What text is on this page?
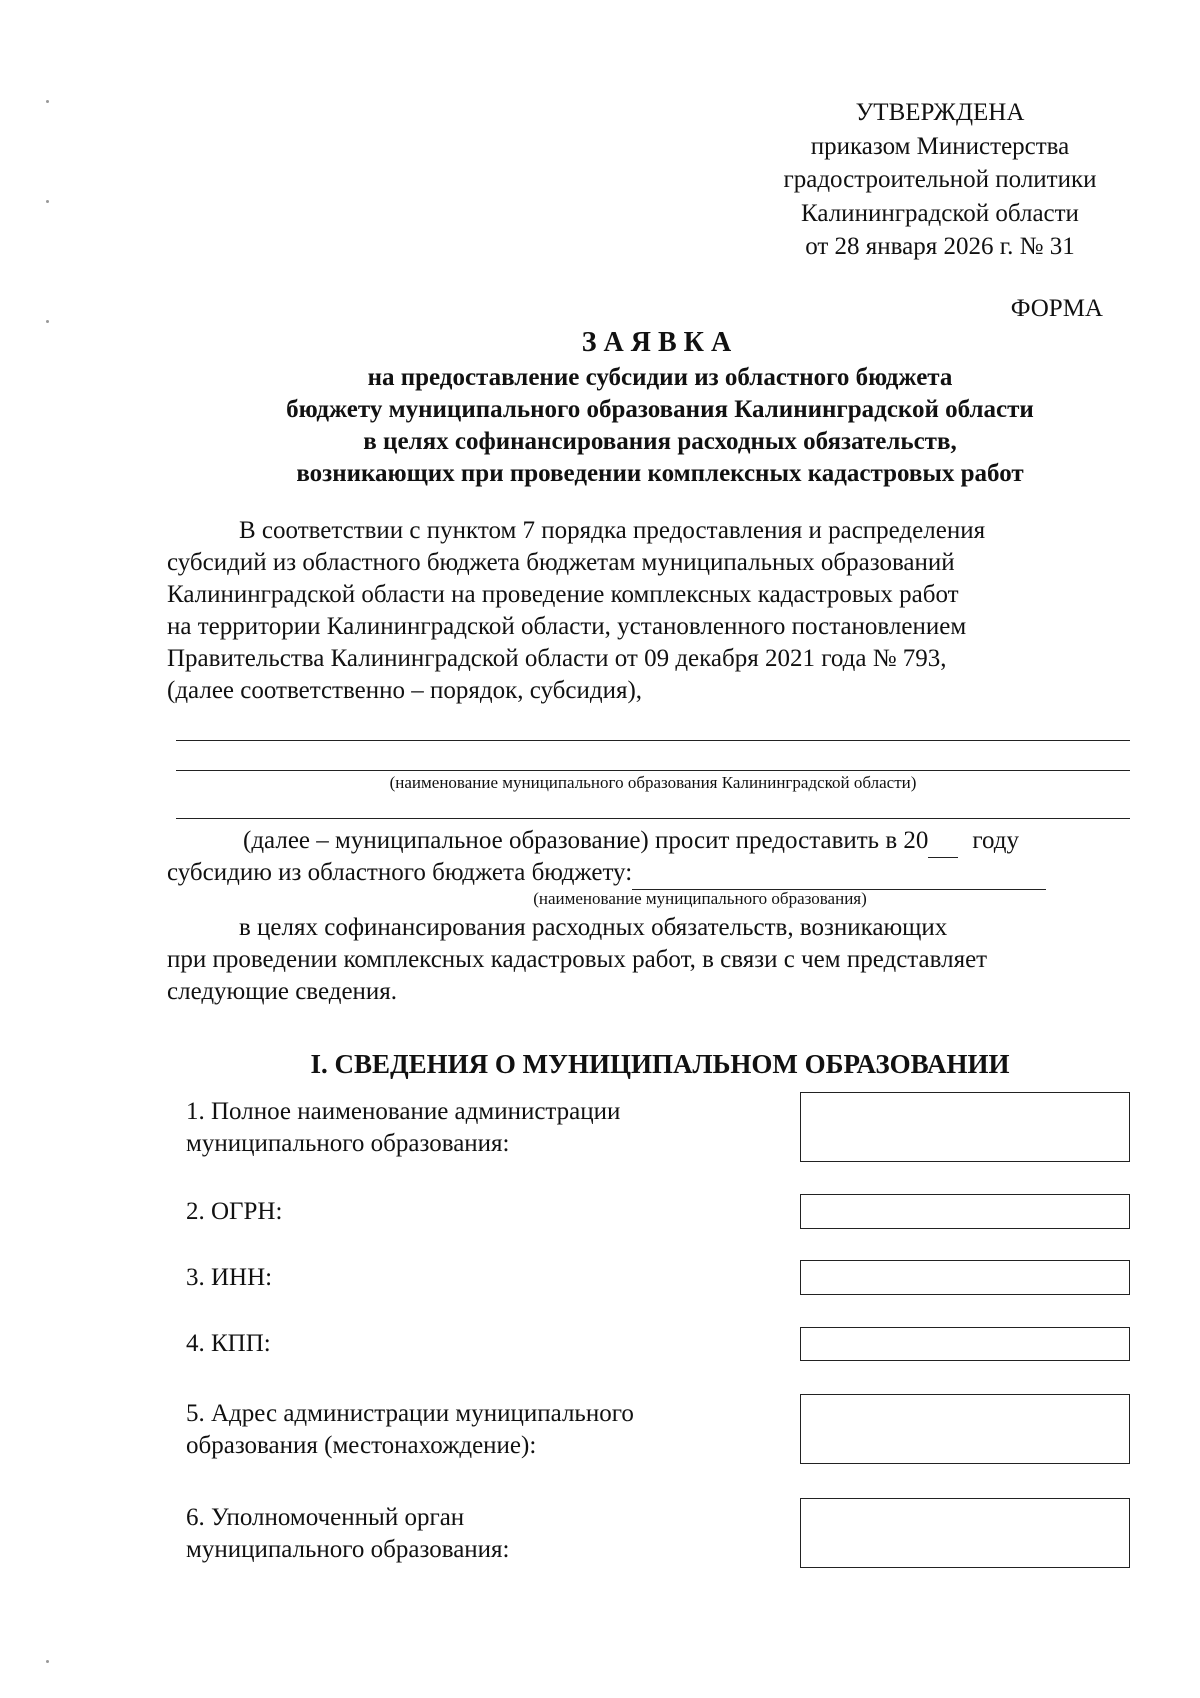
УТВЕРЖДЕНА
приказом Министерства
градостроительной политики
Калининградской области
от 28 января 2026 г. № 31
ФОРМА
ЗАЯВКА
на предоставление субсидии из областного бюджета
бюджету муниципального образования Калининградской области
в целях софинансирования расходных обязательств,
возникающих при проведении комплексных кадастровых работ
В соответствии с пунктом 7 порядка предоставления и распределения
субсидий из областного бюджета бюджетам муниципальных образований
Калининградской области на проведение комплексных кадастровых работ
на территории Калининградской области, установленного постановлением
Правительства Калининградской области от 09 декабря 2021 года № 793,
(далее соответственно – порядок, субсидия),
(наименование муниципального образования Калининградской области)
(далее – муниципальное образование) просит предоставить в 20 году
субсидию из областного бюджета бюджету:
(наименование муниципального образования)
в целях софинансирования расходных обязательств, возникающих
при проведении комплексных кадастровых работ, в связи с чем представляет
следующие сведения.
I. СВЕДЕНИЯ О МУНИЦИПАЛЬНОМ ОБРАЗОВАНИИ
1. Полное наименование администрации
муниципального образования:
2. ОГРН:
3. ИНН:
4. КПП:
5. Адрес администрации муниципального
образования (местонахождение):
6. Уполномоченный орган
муниципального образования:
